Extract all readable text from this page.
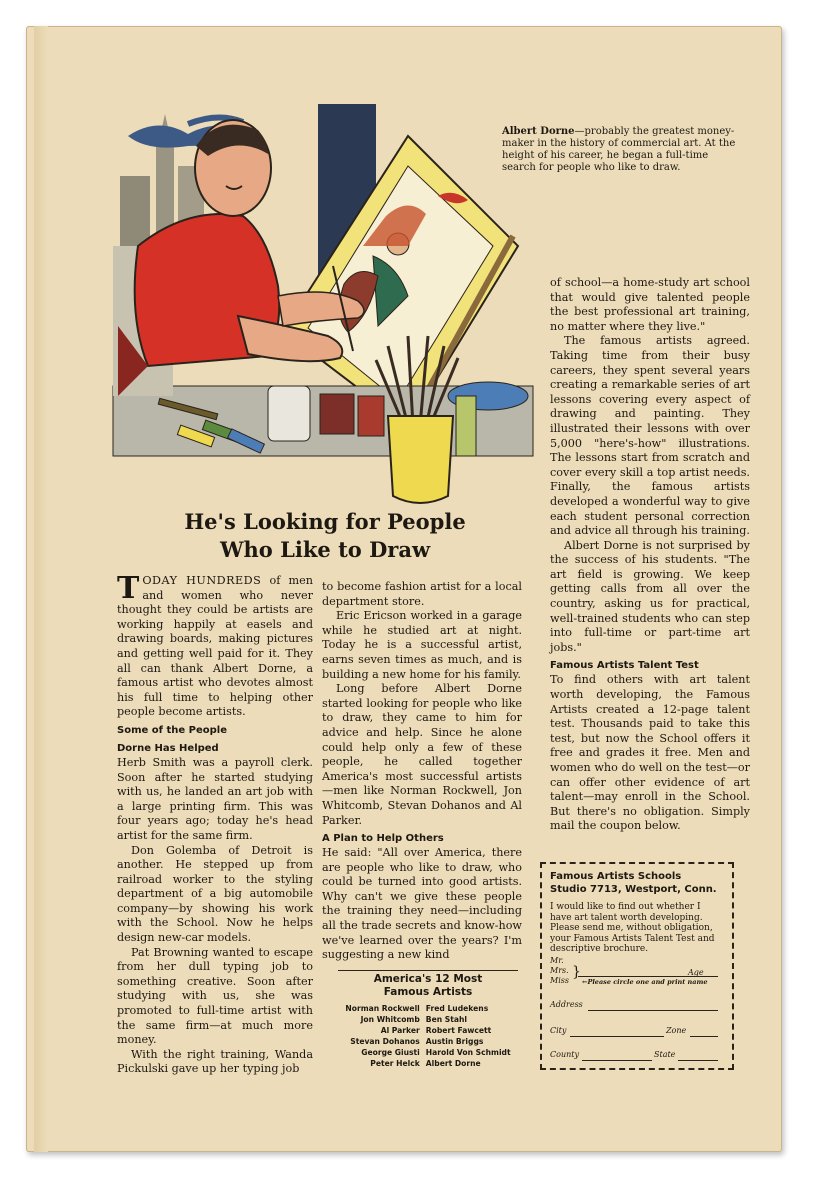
Albert Dorne—probably the greatest money-maker in the history of commercial art. At the height of his career, he began a full-time search for people who like to draw.
He's Looking for People
Who Like to Draw

TODAY HUNDREDS of men and women who never thought they could be artists are working happily at easels and drawing boards, making pictures and getting well paid for it. They all can thank Albert Dorne, a famous artist who devotes almost his full time to helping other people become artists.

Some of the People

Dorne Has Helped

Herb Smith was a payroll clerk. Soon after he started studying with us, he landed an art job with a large printing firm. This was four years ago; today he's head artist for the same firm.

Don Golemba of Detroit is another. He stepped up from railroad worker to the styling department of a big automobile company—by showing his work with the School. Now he helps design new-car models.

Pat Browning wanted to escape from her dull typing job to something creative. Soon after studying with us, she was promoted to full-time artist with the same firm—at much more money.

With the right training, Wanda Pickulski gave up her typing job

to become fashion artist for a local department store.

Eric Ericson worked in a garage while he studied art at night. Today he is a successful artist, earns seven times as much, and is building a new home for his family.

Long before Albert Dorne started looking for people who like to draw, they came to him for advice and help. Since he alone could help only a few of these people, he called together America's most successful artists —men like Norman Rockwell, Jon Whitcomb, Stevan Dohanos and Al Parker.

A Plan to Help Others

He said: "All over America, there are people who like to draw, who could be turned into good artists. Why can't we give these people the training they need—including all the trade secrets and know-how we've learned over the years? I'm suggesting a new kind

America's 12 Most
Famous Artists
Norman Rockwell	Fred Ludekens
Jon Whitcomb	Ben Stahl
Al Parker	Robert Fawcett
Stevan Dohanos	Austin Briggs
George Giusti	Harold Von Schmidt
Peter Helck	Albert Dorne

of school—a home-study art school that would give talented people the best professional art training, no matter where they live."

The famous artists agreed. Taking time from their busy careers, they spent several years creating a remarkable series of art lessons covering every aspect of drawing and painting. They illustrated their lessons with over 5,000 "here's-how" illustrations. The lessons start from scratch and cover every skill a top artist needs. Finally, the famous artists developed a wonderful way to give each student personal correction and advice all through his training.

Albert Dorne is not surprised by the success of his students. "The art field is growing. We keep getting calls from all over the country, asking us for practical, well-trained students who can step into full-time or part-time art jobs."

Famous Artists Talent Test

To find others with art talent worth developing, the Famous Artists created a 12-page talent test. Thousands paid to take this test, but now the School offers it free and grades it free. Men and women who do well on the test—or can offer other evidence of art talent—may enroll in the School. But there's no obligation. Simply mail the coupon below.

Famous Artists Schools
Studio 7713, Westport, Conn.
I would like to find out whether I have art talent worth developing. Please send me, without obligation, your Famous Artists Talent Test and descriptive brochure.
Mr.
Mrs.
Miss
}	Age
←Please circle one and print name
Address
City	Zone
County	State
